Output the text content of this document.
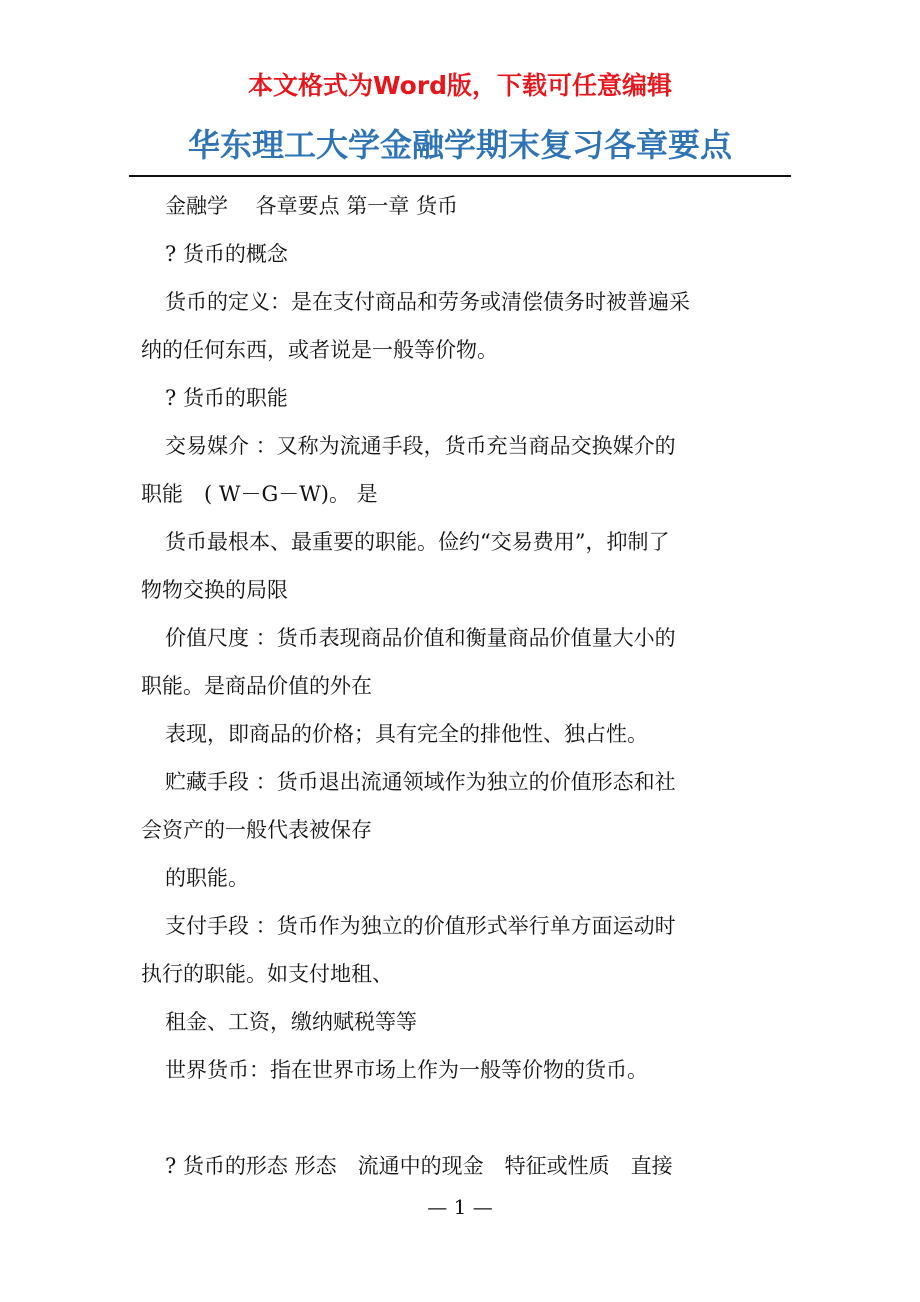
本文格式为Word版，下载可任意编辑
华东理工大学金融学期末复习各章要点
金融学　 各章要点 第一章 货币
? 货币的概念
货币的定义：是在支付商品和劳务或清偿债务时被普遍采
纳的任何东西，或者说是一般等价物。
? 货币的职能
交易媒介 ：又称为流通手段，货币充当商品交换媒介的
职能　( W－G－W)。 是
货币最根本、最重要的职能。俭约“交易费用”，抑制了
物物交换的局限
价值尺度 ：货币表现商品价值和衡量商品价值量大小的
职能。是商品价值的外在
表现，即商品的价格；具有完全的排他性、独占性。
贮藏手段 ：货币退出流通领域作为独立的价值形态和社
会资产的一般代表被保存
的职能。
支付手段 ：货币作为独立的价值形式举行单方面运动时
执行的职能。如支付地租、
租金、工资，缴纳赋税等等
世界货币：指在世界市场上作为一般等价物的货币。
? 货币的形态 形态　流通中的现金　特征或性质　直接
— 1 —
